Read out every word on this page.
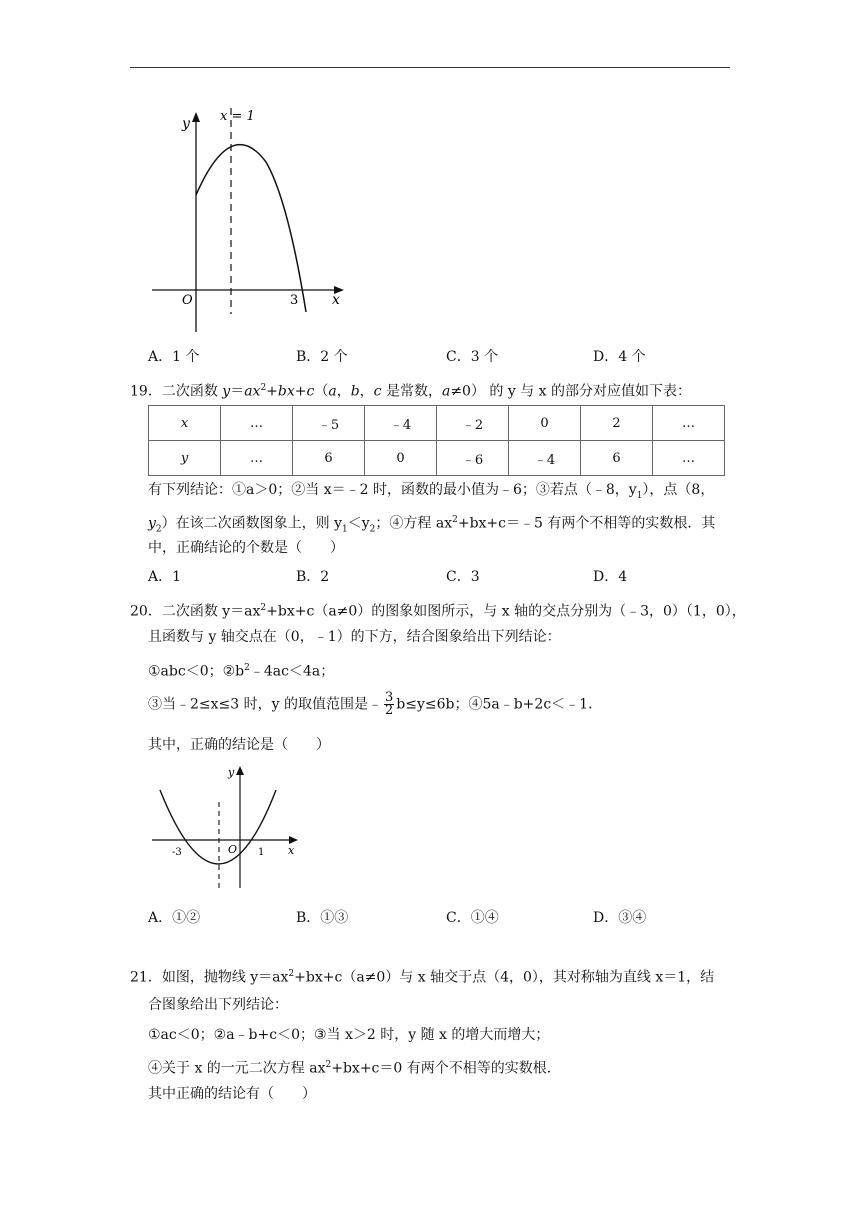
x = 1
y
x
O	3
A．1 个	B．2 个	C．3 个	D．4 个
19．二次函数 $y=ax^2+bx+c(a$，b，c 是常数，a≠0） 的 y 与 x 的部分对应值如下表：
x	…	﹣5	﹣4	﹣2	0	2	…
y	…	6	0	﹣6	﹣4	6	…
有下列结论：①a＞0；②当 x＝﹣2 时，函数的最小值为﹣6；③若点（﹣8，$y_1$），点（8，
$y_2$）在该二次函数图象上，则 $y_1<y_2$；④方程 $ax^2+bx+c=﹣5$ 有两个不相等的实数根．其
中，正确结论的个数是（　　）
A．1	B．2	C．3	D．4
20．二次函数 $y=ax^2+bx+c(a\ne 0)$的图象如图所示，与 x 轴的交点分别为（﹣3，0）（1，0），
且函数与 y 轴交点在（0，﹣1）的下方，结合图象给出下列结论：
①abc＜0；$②b^2﹣4ac<4a$；
③当﹣2≤x≤3 时，y 的取值范围是﹣ $\frac{3}{2} b\le y\le 6b$；④5a﹣b+2c＜﹣1．
其中，正确的结论是（　　）
y
x
O
-3	1
A．①②	B．①③	C．①④	D．③④
21．如图，抛物线 $y=ax^2+bx+c(a\ne 0)$与 x 轴交于点（4，0），其对称轴为直线 x＝1，结
合图象给出下列结论：
①ac＜0；②a﹣b+c＜0；③当 x＞2 时，y 随 x 的增大而增大；
④关于 x 的一元二次方程 $ax^2+bx+c=0$ 有两个不相等的实数根．
其中正确的结论有（　　）
